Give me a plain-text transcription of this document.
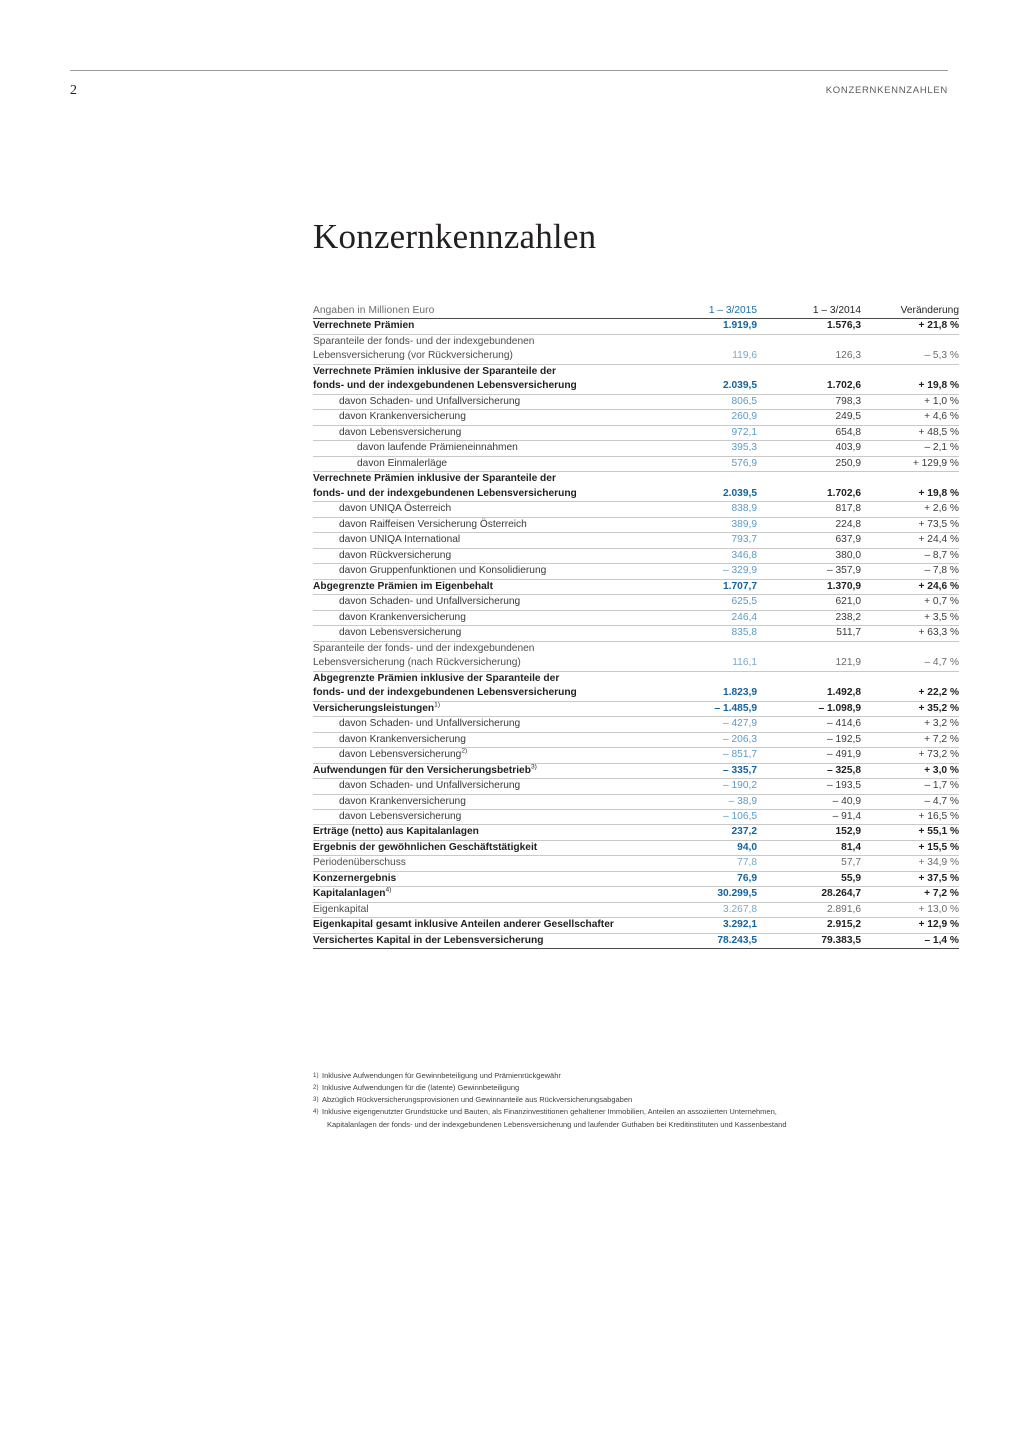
2	KONZERNKENNZAHLEN
Konzernkennzahlen
Angaben in Millionen Euro	1 – 3/2015	1 – 3/2014	Veränderung
Verrechnete Prämien	1.919,9	1.576,3	+ 21,8 %
Sparanteile der fonds- und der indexgebundenen
Lebensversicherung (vor Rückversicherung)	119,6	126,3	– 5,3 %
Verrechnete Prämien inklusive der Sparanteile der
fonds- und der indexgebundenen Lebensversicherung	2.039,5	1.702,6	+ 19,8 %
davon Schaden- und Unfallversicherung	806,5	798,3	+ 1,0 %
davon Krankenversicherung	260,9	249,5	+ 4,6 %
davon Lebensversicherung	972,1	654,8	+ 48,5 %
davon laufende Prämieneinnahmen	395,3	403,9	– 2,1 %
davon Einmalerläge	576,9	250,9	+ 129,9 %
Verrechnete Prämien inklusive der Sparanteile der
fonds- und der indexgebundenen Lebensversicherung	2.039,5	1.702,6	+ 19,8 %
davon UNIQA Österreich	838,9	817,8	+ 2,6 %
davon Raiffeisen Versicherung Österreich	389,9	224,8	+ 73,5 %
davon UNIQA International	793,7	637,9	+ 24,4 %
davon Rückversicherung	346,8	380,0	– 8,7 %
davon Gruppenfunktionen und Konsolidierung	– 329,9	– 357,9	– 7,8 %
Abgegrenzte Prämien im Eigenbehalt	1.707,7	1.370,9	+ 24,6 %
davon Schaden- und Unfallversicherung	625,5	621,0	+ 0,7 %
davon Krankenversicherung	246,4	238,2	+ 3,5 %
davon Lebensversicherung	835,8	511,7	+ 63,3 %
Sparanteile der fonds- und der indexgebundenen
Lebensversicherung (nach Rückversicherung)	116,1	121,9	– 4,7 %
Abgegrenzte Prämien inklusive der Sparanteile der
fonds- und der indexgebundenen Lebensversicherung	1.823,9	1.492,8	+ 22,2 %
Versicherungsleistungen$^{1)}$	– 1.485,9	– 1.098,9	+ 35,2 %
davon Schaden- und Unfallversicherung	– 427,9	– 414,6	+ 3,2 %
davon Krankenversicherung	– 206,3	– 192,5	+ 7,2 %
davon Lebensversicherung$^{2)}$	– 851,7	– 491,9	+ 73,2 %
Aufwendungen für den Versicherungsbetrieb$^{3)}$	– 335,7	– 325,8	+ 3,0 %
davon Schaden- und Unfallversicherung	– 190,2	– 193,5	– 1,7 %
davon Krankenversicherung	– 38,9	– 40,9	– 4,7 %
davon Lebensversicherung	– 106,5	– 91,4	+ 16,5 %
Erträge (netto) aus Kapitalanlagen	237,2	152,9	+ 55,1 %
Ergebnis der gewöhnlichen Geschäftstätigkeit	94,0	81,4	+ 15,5 %
Periodenüberschuss	77,8	57,7	+ 34,9 %
Konzernergebnis	76,9	55,9	+ 37,5 %
Kapitalanlagen$^{4)}$	30.299,5	28.264,7	+ 7,2 %
Eigenkapital	3.267,8	2.891,6	+ 13,0 %
Eigenkapital gesamt inklusive Anteilen anderer Gesellschafter	3.292,1	2.915,2	+ 12,9 %
Versichertes Kapital in der Lebensversicherung	78.243,5	79.383,5	– 1,4 %
1) Inklusive Aufwendungen für Gewinnbeteiligung und Prämienrückgewähr
2) Inklusive Aufwendungen für die (latente) Gewinnbeteiligung
3) Abzüglich Rückversicherungsprovisionen und Gewinnanteile aus Rückversicherungsabgaben
4) Inklusive eigengenutzter Grundstücke und Bauten, als Finanzinvestitionen gehaltener Immobilien, Anteilen an assoziierten Unternehmen,
Kapitalanlagen der fonds- und der indexgebundenen Lebensversicherung und laufender Guthaben bei Kreditinstituten und Kassenbestand
